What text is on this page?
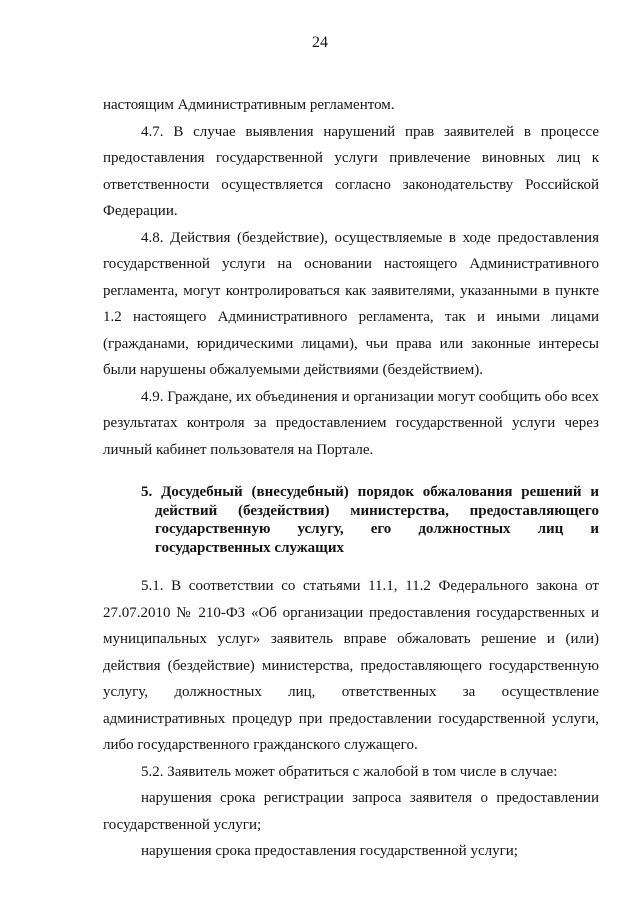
24

настоящим Административным регламентом.

4.7. В случае выявления нарушений прав заявителей в процессе предоставления государственной услуги привлечение виновных лиц к ответственности осуществляется согласно законодательству Российской Федерации.

4.8. Действия (бездействие), осуществляемые в ходе предоставления государственной услуги на основании настоящего Административного регламента, могут контролироваться как заявителями, указанными в пункте 1.2 настоящего Административного регламента, так и иными лицами (гражданами, юридическими лицами), чьи права или законные интересы были нарушены обжалуемыми действиями (бездействием).

4.9. Граждане, их объединения и организации могут сообщить обо всех результатах контроля за предоставлением государственной услуги через личный кабинет пользователя на Портале.

5. Досудебный (внесудебный) порядок обжалования решений и действий (бездействия) министерства, предоставляющего государственную услугу, его должностных лиц и государственных служащих

5.1. В соответствии со статьями 11.1, 11.2 Федерального закона от 27.07.2010 № 210-ФЗ «Об организации предоставления государственных и муниципальных услуг» заявитель вправе обжаловать решение и (или) действия (бездействие) министерства, предоставляющего государственную услугу, должностных лиц, ответственных за осуществление административных процедур при предоставлении государственной услуги, либо государственного гражданского служащего.

5.2. Заявитель может обратиться с жалобой в том числе в случае:

нарушения срока регистрации запроса заявителя о предоставлении государственной услуги;

нарушения срока предоставления государственной услуги;
